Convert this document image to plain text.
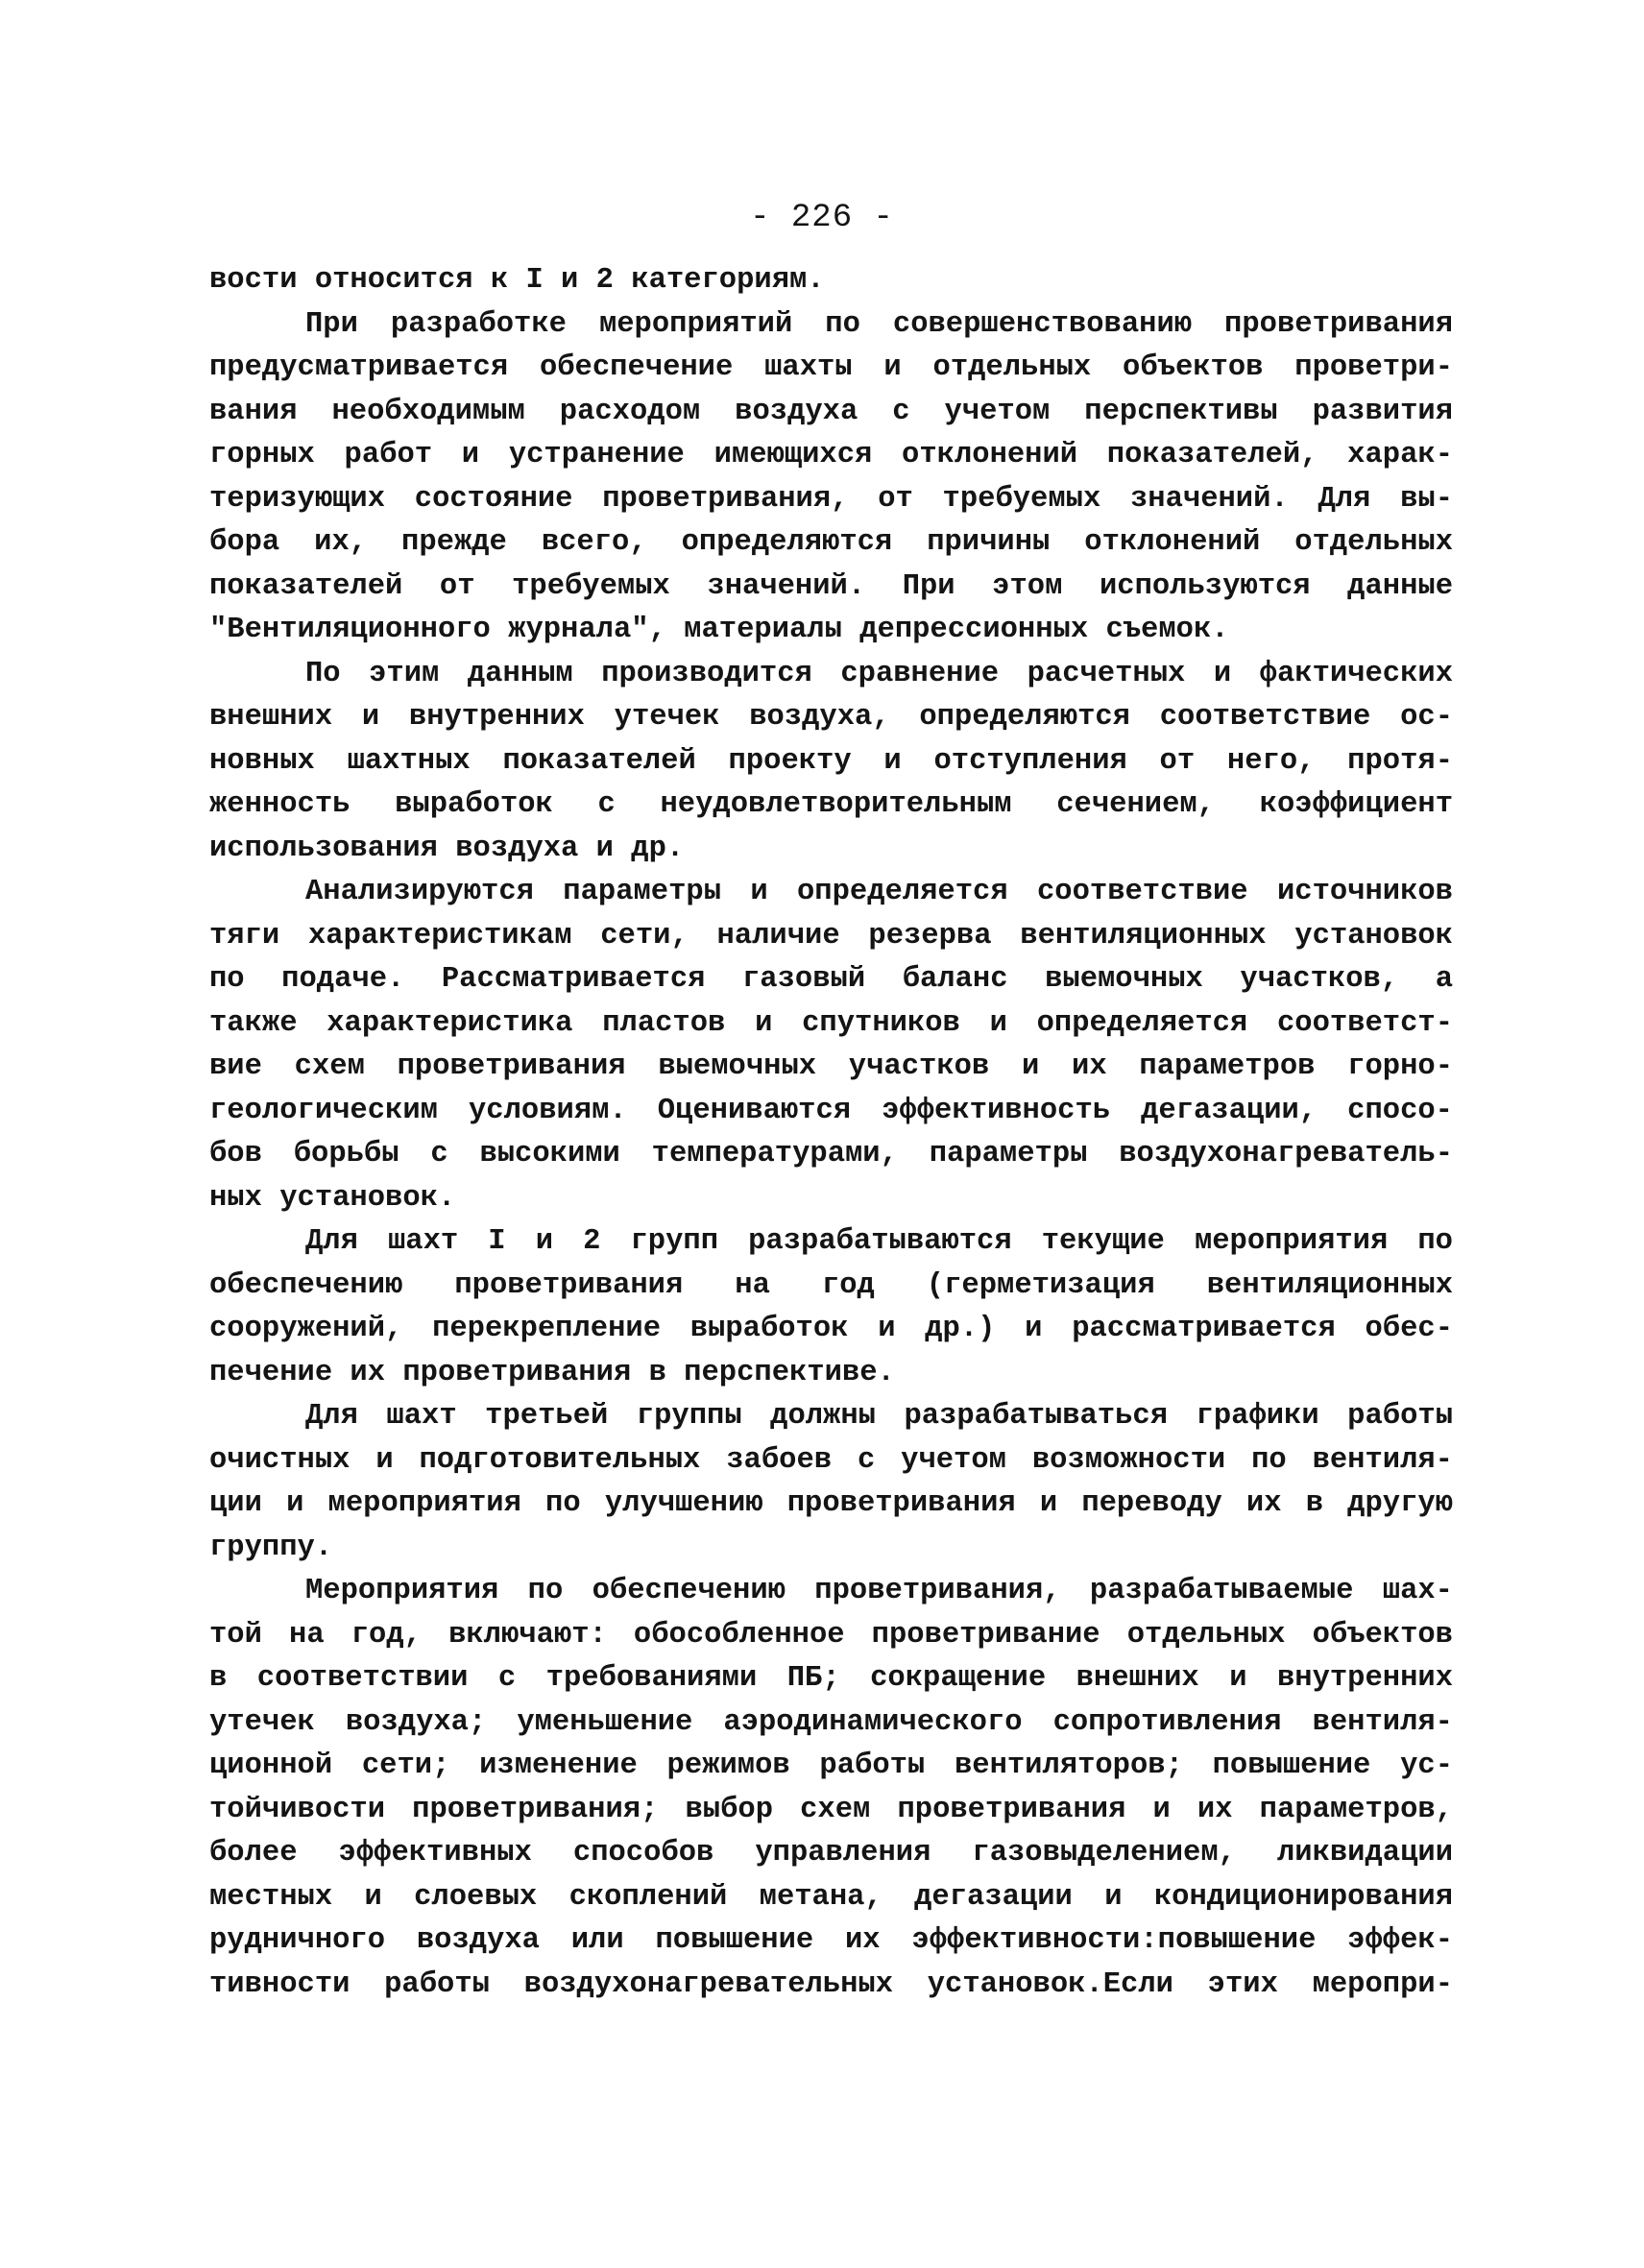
- 226 -
вости относится к I и 2 категориям.
При разработке мероприятий по совершенствованию проветривания
предусматривается обеспечение шахты и отдельных объектов проветри-
вания необходимым расходом воздуха с учетом перспективы развития
горных работ и устранение имеющихся отклонений показателей, харак-
теризующих состояние проветривания, от требуемых значений. Для вы-
бора их, прежде всего, определяются причины отклонений отдельных
показателей от требуемых значений. При этом используются данные
"Вентиляционного журнала", материалы депрессионных съемок.
По этим данным производится сравнение расчетных и фактических
внешних и внутренних утечек воздуха, определяются соответствие ос-
новных шахтных показателей проекту и отступления от него, протя-
женность выработок с неудовлетворительным сечением, коэффициент
использования воздуха и др.
Анализируются параметры и определяется соответствие источников
тяги характеристикам сети, наличие резерва вентиляционных установок
по подаче. Рассматривается газовый баланс выемочных участков, а
также характеристика пластов и спутников и определяется соответст-
вие схем проветривания выемочных участков и их параметров горно-
геологическим условиям. Оцениваются эффективность дегазации, спосо-
бов борьбы с высокими температурами, параметры воздухонагреватель-
ных установок.
Для шахт I и 2 групп разрабатываются текущие мероприятия по
обеспечению проветривания на год (герметизация вентиляционных
сооружений, перекрепление выработок и др.) и рассматривается обес-
печение их проветривания в перспективе.
Для шахт третьей группы должны разрабатываться графики работы
очистных и подготовительных забоев с учетом возможности по вентиля-
ции и мероприятия по улучшению проветривания и переводу их в другую
группу.
Мероприятия по обеспечению проветривания, разрабатываемые шах-
той на год, включают: обособленное проветривание отдельных объектов
в соответствии с требованиями ПБ; сокращение внешних и внутренних
утечек воздуха; уменьшение аэродинамического сопротивления вентиля-
ционной сети; изменение режимов работы вентиляторов; повышение ус-
тойчивости проветривания; выбор схем проветривания и их параметров,
более эффективных способов управления газовыделением, ликвидации
местных и слоевых скоплений метана, дегазации и кондиционирования
рудничного воздуха или повышение их эффективности:повышение эффек-
тивности работы воздухонагревательных установок.Если этих меропри-
